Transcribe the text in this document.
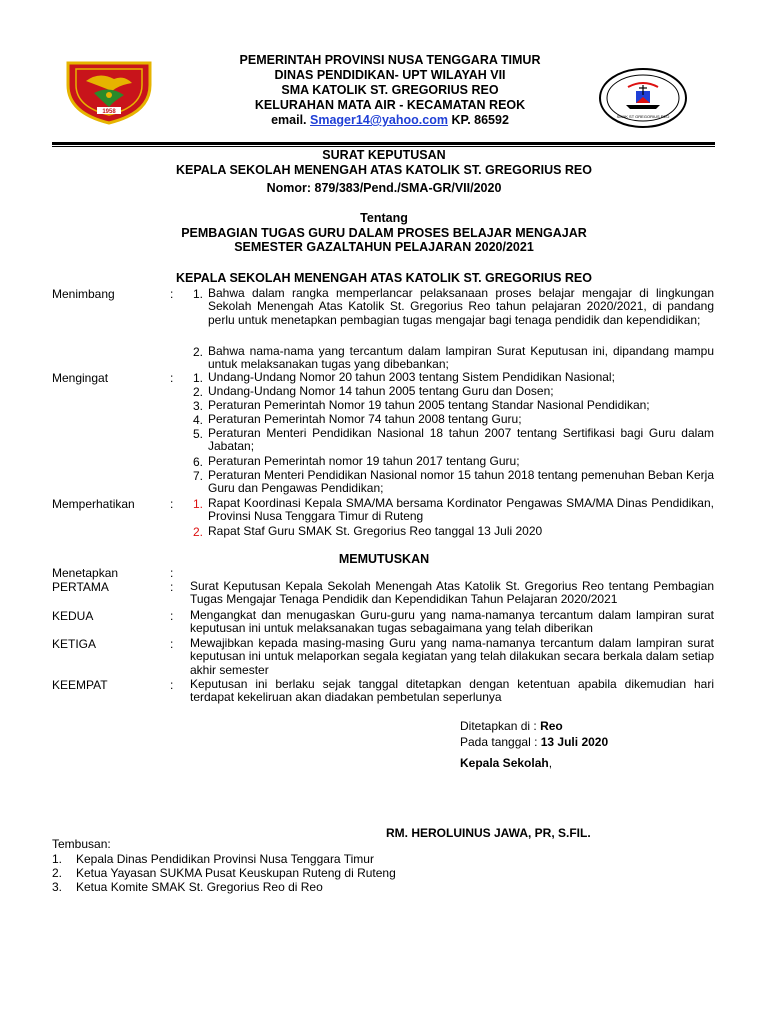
1958
SMAK ST GREGORIUS REO
PEMERINTAH PROVINSI NUSA TENGGARA TIMUR
DINAS PENDIDIKAN- UPT WILAYAH VII
SMA KATOLIK ST. GREGORIUS REO
KELURAHAN MATA AIR - KECAMATAN REOK
email. Smager14@yahoo.com KP. 86592
SURAT KEPUTUSAN
KEPALA SEKOLAH MENENGAH ATAS KATOLIK ST. GREGORIUS REO
Nomor: 879/383/Pend./SMA-GR/VII/2020
Tentang
PEMBAGIAN TUGAS GURU DALAM PROSES BELAJAR MENGAJAR
SEMESTER GAZALTAHUN PELAJARAN 2020/2021
KEPALA SEKOLAH MENENGAH ATAS KATOLIK ST. GREGORIUS REO
Menimbang	:	1. Bahwa dalam rangka memperlancar pelaksanaan proses belajar mengajar di lingkungan Sekolah Menengah Atas Katolik St. Gregorius Reo tahun pelajaran 2020/2021, di pandang perlu untuk menetapkan pembagian tugas mengajar bagi tenaga pendidik dan kependidikan;
2. Bahwa nama-nama yang tercantum dalam lampiran Surat Keputusan ini, dipandang mampu untuk melaksanakan tugas yang dibebankan;
Mengingat	:	1. Undang-Undang Nomor 20 tahun 2003 tentang Sistem Pendidikan Nasional;
2. Undang-Undang Nomor 14 tahun 2005 tentang Guru dan Dosen;
3. Peraturan Pemerintah Nomor 19 tahun 2005 tentang Standar Nasional Pendidikan;
4. Peraturan Pemerintah Nomor 74 tahun 2008 tentang Guru;
5. Peraturan Menteri Pendidikan Nasional 18 tahun 2007 tentang Sertifikasi bagi Guru dalam Jabatan;
6. Peraturan Pemerintah nomor 19 tahun 2017 tentang Guru;
7. Peraturan Menteri Pendidikan Nasional nomor 15 tahun 2018 tentang pemenuhan Beban Kerja Guru dan Pengawas Pendidikan;
Memperhatikan	:	1. Rapat Koordinasi Kepala SMA/MA bersama Kordinator Pengawas SMA/MA Dinas Pendidikan, Provinsi Nusa Tenggara Timur di Ruteng
2. Rapat Staf Guru SMAK St. Gregorius Reo tanggal 13 Juli 2020
MEMUTUSKAN
Menetapkan	:
PERTAMA	: Surat Keputusan Kepala Sekolah Menengah Atas Katolik St. Gregorius Reo tentang Pembagian Tugas Mengajar Tenaga Pendidik dan Kependidikan Tahun Pelajaran 2020/2021
KEDUA	: Mengangkat dan menugaskan Guru-guru yang nama-namanya tercantum dalam lampiran surat keputusan ini untuk melaksanakan tugas sebagaimana yang telah diberikan
KETIGA	: Mewajibkan kepada masing-masing Guru yang nama-namanya tercantum dalam lampiran surat keputusan ini untuk melaporkan segala kegiatan yang telah dilakukan secara berkala dalam setiap akhir semester
KEEMPAT	: Keputusan ini berlaku sejak tanggal ditetapkan dengan ketentuan apabila dikemudian hari terdapat kekeliruan akan diadakan pembetulan seperlunya
Ditetapkan di : Reo
Pada tanggal : 13 Juli 2020
Kepala Sekolah,
RM. HEROLUINUS JAWA, PR, S.FIL.
Tembusan:
1. Kepala Dinas Pendidikan Provinsi Nusa Tenggara Timur
2. Ketua Yayasan SUKMA Pusat Keuskupan Ruteng di Ruteng
3. Ketua Komite SMAK St. Gregorius Reo di Reo
